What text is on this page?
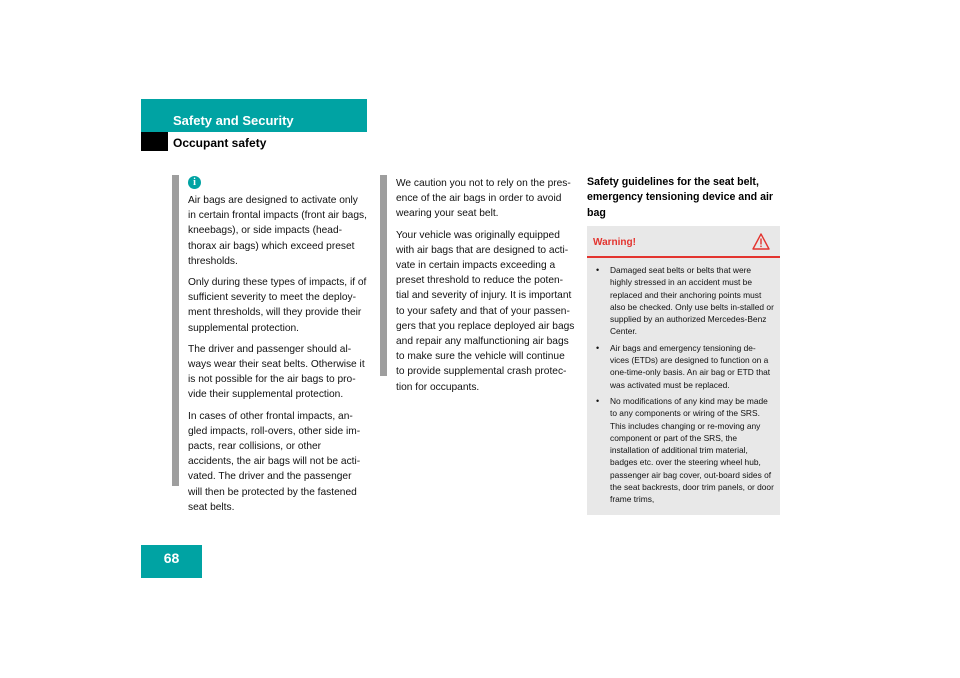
68
Safety and Security
Occupant safety
i

Air bags are designed to activate only in certain frontal impacts (front air bags, kneebags), or side impacts (head-thorax air bags) which exceed preset thresholds.

Only during these types of impacts, if of sufficient severity to meet the deploy-ment thresholds, will they provide their supplemental protection.

The driver and passenger should al-ways wear their seat belts. Otherwise it is not possible for the air bags to pro-vide their supplemental protection.

In cases of other frontal impacts, an-gled impacts, roll-overs, other side im-pacts, rear collisions, or other accidents, the air bags will not be acti-vated. The driver and the passenger will then be protected by the fastened seat belts.

We caution you not to rely on the pres-ence of the air bags in order to avoid wearing your seat belt.

Your vehicle was originally equipped with air bags that are designed to acti-vate in certain impacts exceeding a preset threshold to reduce the poten-tial and severity of injury. It is important to your safety and that of your passen-gers that you replace deployed air bags and repair any malfunctioning air bags to make sure the vehicle will continue to provide supplemental crash protec-tion for occupants.

Safety guidelines for the seat belt, emergency tensioning device and air bag
Warning!
• Damaged seat belts or belts that were highly stressed in an accident must be replaced and their anchoring points must also be checked. Only use belts in-stalled or supplied by an authorized Mercedes-Benz Center.
• Air bags and emergency tensioning de-vices (ETDs) are designed to function on a one-time-only basis. An air bag or ETD that was activated must be replaced.
• No modifications of any kind may be made to any components or wiring of the SRS. This includes changing or re-moving any component or part of the SRS, the installation of additional trim material, badges etc. over the steering wheel hub, passenger air bag cover, out-board sides of the seat backrests, door trim panels, or door frame trims,
